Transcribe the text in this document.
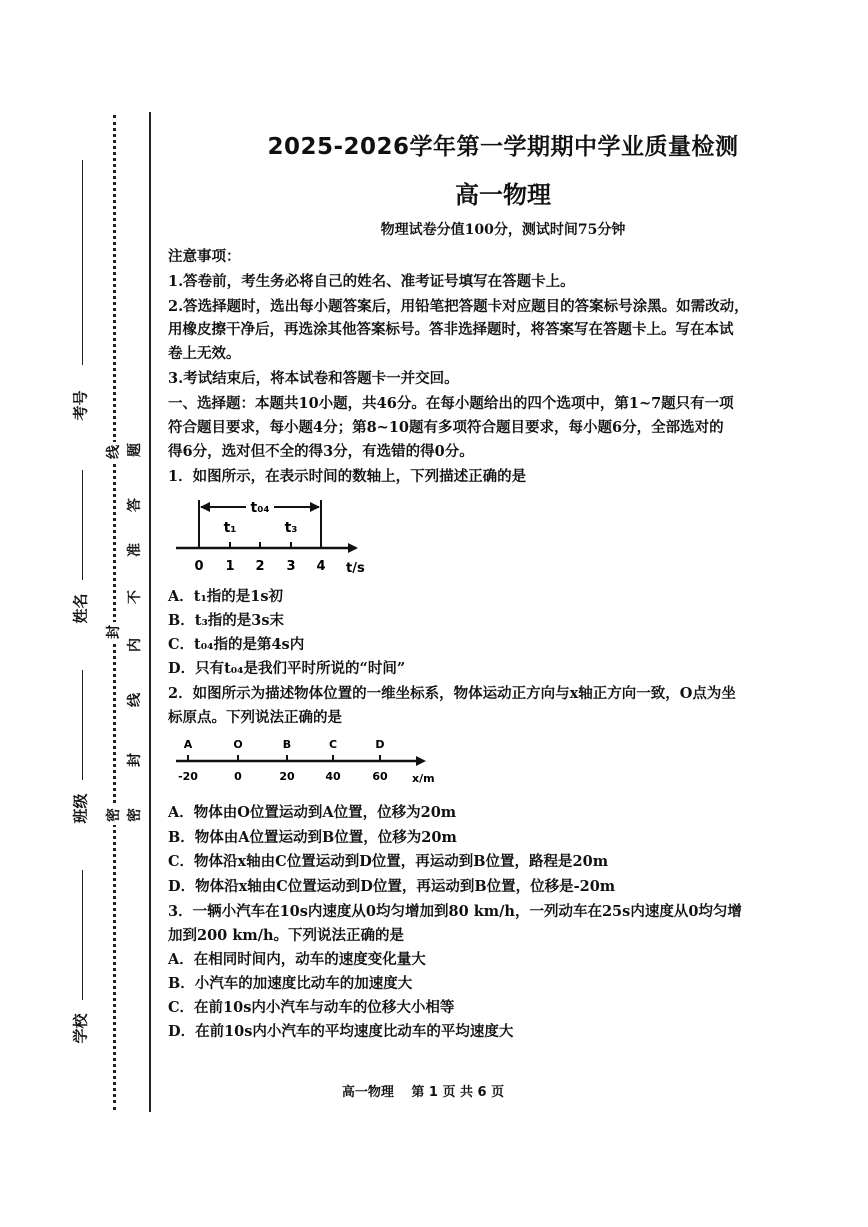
考号
姓名
班级
学校
题
答
准
不
内
线
封
密
线
封
密
2025-2026学年第一学期期中学业质量检测
高一物理
物理试卷分值100分，测试时间75分钟
注意事项：
1.答卷前，考生务必将自己的姓名、准考证号填写在答题卡上。
2.答选择题时，选出每小题答案后，用铅笔把答题卡对应题目的答案标号涂黑。如需改动，
用橡皮擦干净后，再选涂其他答案标号。答非选择题时，将答案写在答题卡上。写在本试
卷上无效。
3.考试结束后，将本试卷和答题卡一并交回。
一、选择题：本题共10小题，共46分。在每小题给出的四个选项中，第1~7题只有一项
符合题目要求，每小题4分；第8~10题有多项符合题目要求，每小题6分，全部选对的
得6分，选对但不全的得3分，有选错的得0分。
1．如图所示，在表示时间的数轴上，下列描述正确的是
t₀₄
t₁	t₃
0 1 2 3 4 t/s
A．t₁指的是1s初
B．t₃指的是3s末
C．t₀₄指的是第4s内
D．只有t₀₄是我们平时所说的“时间”
2．如图所示为描述物体位置的一维坐标系，物体运动正方向与x轴正方向一致，O点为坐
标原点。下列说法正确的是
A	O	B	C	D
-20	0	20	40	60 x/m
A．物体由O位置运动到A位置，位移为20m
B．物体由A位置运动到B位置，位移为20m
C．物体沿x轴由C位置运动到D位置，再运动到B位置，路程是20m
D．物体沿x轴由C位置运动到D位置，再运动到B位置，位移是-20m
3．一辆小汽车在10s内速度从0均匀增加到80 km/h，一列动车在25s内速度从0均匀增
加到200 km/h。下列说法正确的是
A．在相同时间内，动车的速度变化量大
B．小汽车的加速度比动车的加速度大
C．在前10s内小汽车与动车的位移大小相等
D．在前10s内小汽车的平均速度比动车的平均速度大
高一物理　 第 1 页 共 6 页
